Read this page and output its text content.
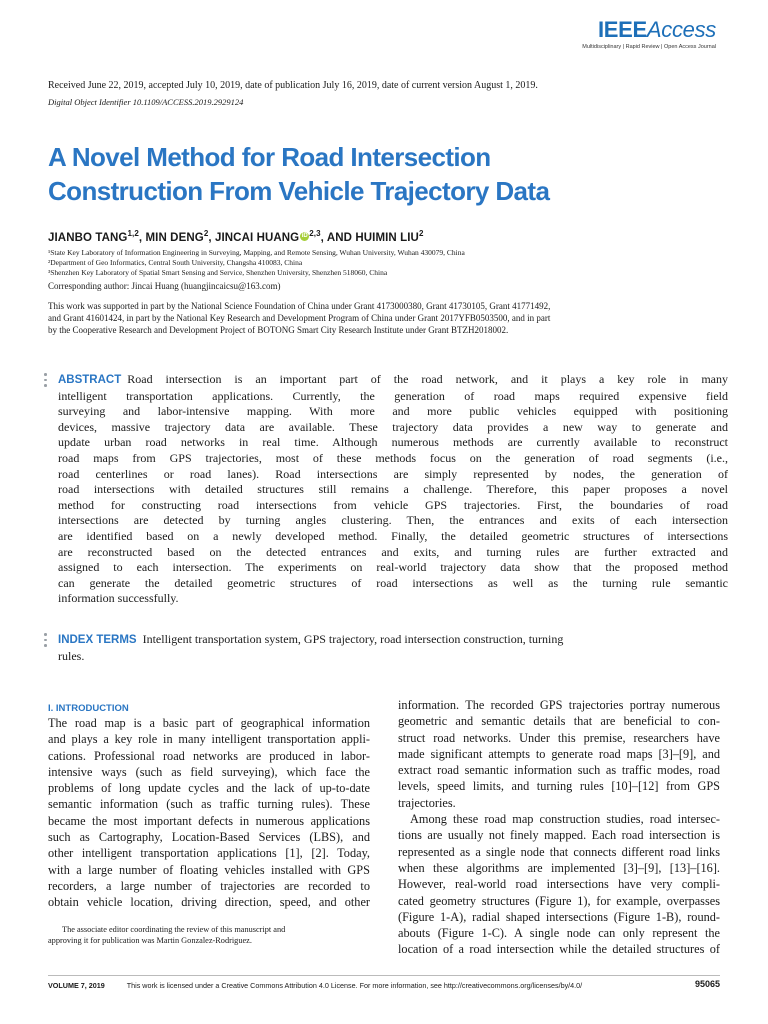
IEEEAccess
Multidisciplinary | Rapid Review | Open Access Journal
Received June 22, 2019, accepted July 10, 2019, date of publication July 16, 2019, date of current version August 1, 2019.
Digital Object Identifier 10.1109/ACCESS.2019.2929124
A Novel Method for Road Intersection
Construction From Vehicle Trajectory Data
JIANBO TANG$^{1,2}$, MIN DENG$^2$, JINCAI HUANG iD$^{2,3}$, AND HUIMIN LIU$^2$
¹State Key Laboratory of Information Engineering in Surveying, Mapping, and Remote Sensing, Wuhan University, Wuhan 430079, China
²Department of Geo Informatics, Central South University, Changsha 410083, China
³Shenzhen Key Laboratory of Spatial Smart Sensing and Service, Shenzhen University, Shenzhen 518060, China
Corresponding author: Jincai Huang (huangjincaicsu@163.com)
This work was supported in part by the National Science Foundation of China under Grant 4173000380, Grant 41730105, Grant 41771492,
and Grant 41601424, in part by the National Key Research and Development Program of China under Grant 2017YFB0503500, and in part
by the Cooperative Research and Development Project of BOTONG Smart City Research Institute under Grant BTZH2018002.
ABSTRACT Road intersection is an important part of the road network, and it plays a key role in many
intelligent transportation applications. Currently, the generation of road maps required expensive field
surveying and labor-intensive mapping. With more and more public vehicles equipped with positioning
devices, massive trajectory data are available. These trajectory data provides a new way to generate and
update urban road networks in real time. Although numerous methods are currently available to reconstruct
road maps from GPS trajectories, most of these methods focus on the generation of road segments (i.e.,
road centerlines or road lanes). Road intersections are simply represented by nodes, the generation of
road intersections with detailed structures still remains a challenge. Therefore, this paper proposes a novel
method for constructing road intersections from vehicle GPS trajectories. First, the boundaries of road
intersections are detected by turning angles clustering. Then, the entrances and exits of each intersection
are identified based on a newly developed method. Finally, the detailed geometric structures of intersections
are reconstructed based on the detected entrances and exits, and turning rules are further extracted and
assigned to each intersection. The experiments on real-world trajectory data show that the proposed method
can generate the detailed geometric structures of road intersections as well as the turning rule semantic
information successfully.
INDEX TERMS Intelligent transportation system, GPS trajectory, road intersection construction, turning
rules.
I. INTRODUCTION
The road map is a basic part of geographical information
and plays a key role in many intelligent transportation appli-
cations. Professional road networks are produced in labor-
intensive ways (such as field surveying), which face the
problems of long update cycles and the lack of up-to-date
semantic information (such as traffic turning rules). These
became the most important defects in numerous applications
such as Cartography, Location-Based Services (LBS), and
other intelligent transportation applications [1], [2]. Today,
with a large number of floating vehicles installed with GPS
recorders, a large number of trajectories are recorded to
obtain vehicle location, driving direction, speed, and other
information. The recorded GPS trajectories portray numerous
geometric and semantic details that are beneficial to con-
struct road networks. Under this premise, researchers have
made significant attempts to generate road maps [3]–[9], and
extract road semantic information such as traffic modes, road
levels, speed limits, and turning rules [10]–[12] from GPS
trajectories.
Among these road map construction studies, road intersec-
tions are usually not finely mapped. Each road intersection is
represented as a single node that connects different road links
when these algorithms are implemented [3]–[9], [13]–[16].
However, real-world road intersections have very compli-
cated geometry structures (Figure 1), for example, overpasses
(Figure 1-A), radial shaped intersections (Figure 1-B), round-
abouts (Figure 1-C). A single node can only represent the
location of a road intersection while the detailed structures of
The associate editor coordinating the review of this manuscript and
approving it for publication was Martin Gonzalez-Rodriguez.
VOLUME 7, 2019	This work is licensed under a Creative Commons Attribution 4.0 License. For more information, see http://creativecommons.org/licenses/by/4.0/	95065
